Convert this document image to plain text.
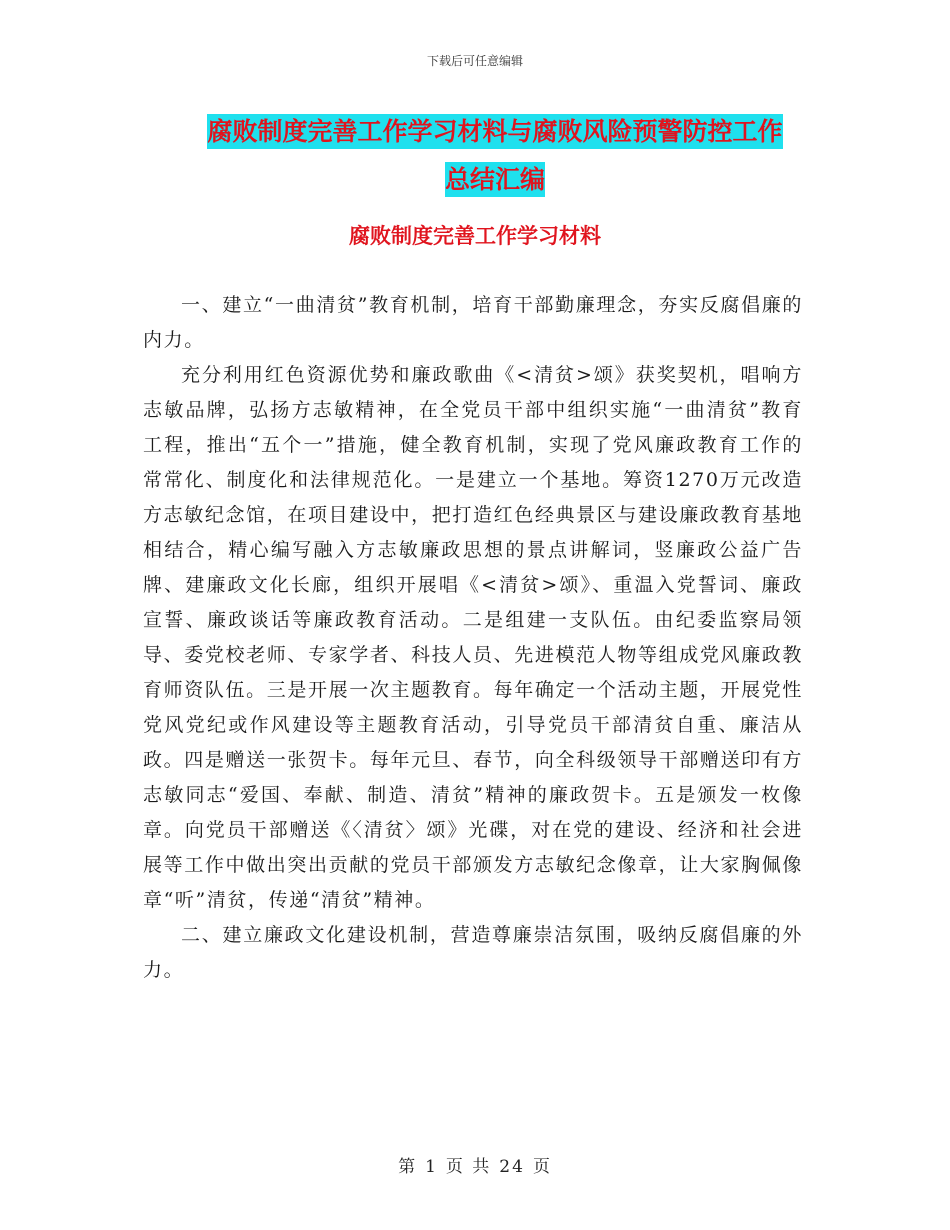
下载后可任意编辑
腐败制度完善工作学习材料与腐败风险预警防控工作
总结汇编
腐败制度完善工作学习材料

一、建立“一曲清贫”教育机制，培育干部勤廉理念，夯实反腐倡廉的内力。

充分利用红色资源优势和廉政歌曲《<清贫>颂》获奖契机，唱响方志敏品牌，弘扬方志敏精神，在全党员干部中组织实施“一曲清贫”教育工程，推出“五个一”措施，健全教育机制，实现了党风廉政教育工作的常常化、制度化和法律规范化。一是建立一个基地。筹资1270万元改造方志敏纪念馆，在项目建设中，把打造红色经典景区与建设廉政教育基地相结合，精心编写融入方志敏廉政思想的景点讲解词，竖廉政公益广告牌、建廉政文化长廊，组织开展唱《<清贫>颂》、重温入党誓词、廉政宣誓、廉政谈话等廉政教育活动。二是组建一支队伍。由纪委监察局领导、委党校老师、专家学者、科技人员、先进模范人物等组成党风廉政教育师资队伍。三是开展一次主题教育。每年确定一个活动主题，开展党性党风党纪或作风建设等主题教育活动，引导党员干部清贫自重、廉洁从政。四是赠送一张贺卡。每年元旦、春节，向全科级领导干部赠送印有方志敏同志“爱国、奉献、制造、清贫”精神的廉政贺卡。五是颁发一枚像章。向党员干部赠送《〈清贫〉颂》光碟，对在党的建设、经济和社会进展等工作中做出突出贡献的党员干部颁发方志敏纪念像章，让大家胸佩像章“听”清贫，传递“清贫”精神。

二、建立廉政文化建设机制，营造尊廉崇洁氛围，吸纳反腐倡廉的外力。

第 1 页 共 24 页
